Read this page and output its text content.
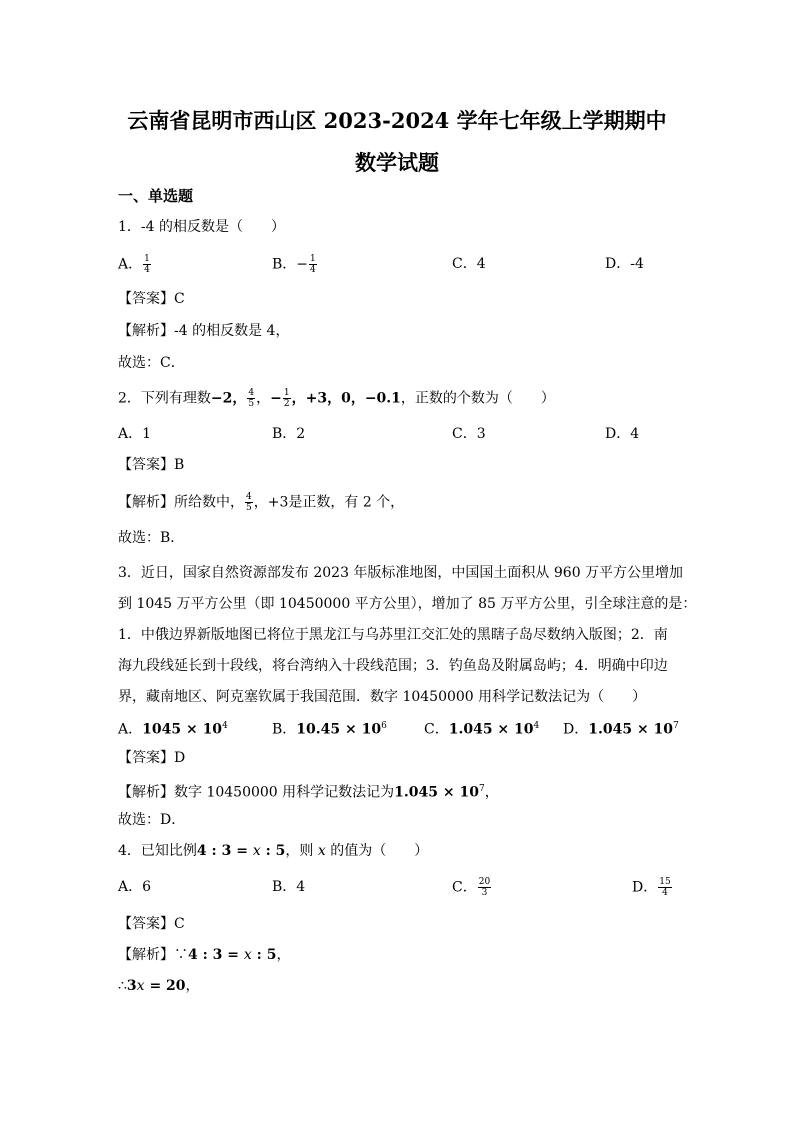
云南省昆明市西山区 2023-2024 学年七年级上学期期中
数学试题
一、单选题
1．-4 的相反数是（　　）
A． $\frac{1}{4}$	B．− $\frac{1}{4}$	C．4	D．-4
【答案】C
【解析】-4 的相反数是 4，
故选：C．
2．下列有理数−2， $\frac{4}{5}$ ，− $\frac{1}{2}$ ，+3，0，−0.1，正数的个数为（　　）
A．1	B．2	C．3	D．4
【答案】B
【解析】所给数中， $\frac{4}{5}$ ，+3是正数，有 2 个，
故选：B．
3．近日，国家自然资源部发布 2023 年版标准地图，中国国土面积从 960 万平方公里增加
到 1045 万平方公里（即 10450000 平方公里），增加了 85 万平方公里，引全球注意的是：
1．中俄边界新版地图已将位于黑龙江与乌苏里江交汇处的黑瞎子岛尽数纳入版图；2．南
海九段线延长到十段线，将台湾纳入十段线范围；3．钓鱼岛及附属岛屿；4．明确中印边
界，藏南地区、阿克塞钦属于我国范围．数字 10450000 用科学记数法记为（　　）
A．$1045 \times 10^4$	B．$10.45 \times 10^6$	C．$1.045 \times 10^4$ D．$1.045 \times 10^7$
【答案】D
【解析】数字 10450000 用科学记数法记为$1.045 \times 10^7$，
故选：D．
4．已知比例4 : 3 = x : 5，则 x 的值为（　　）
A．6	B．4	C． $\frac{20}{3}$	D． $\frac{15}{4}$
【答案】C
【解析】∵4 : 3 = x : 5，
∴3x = 20，
